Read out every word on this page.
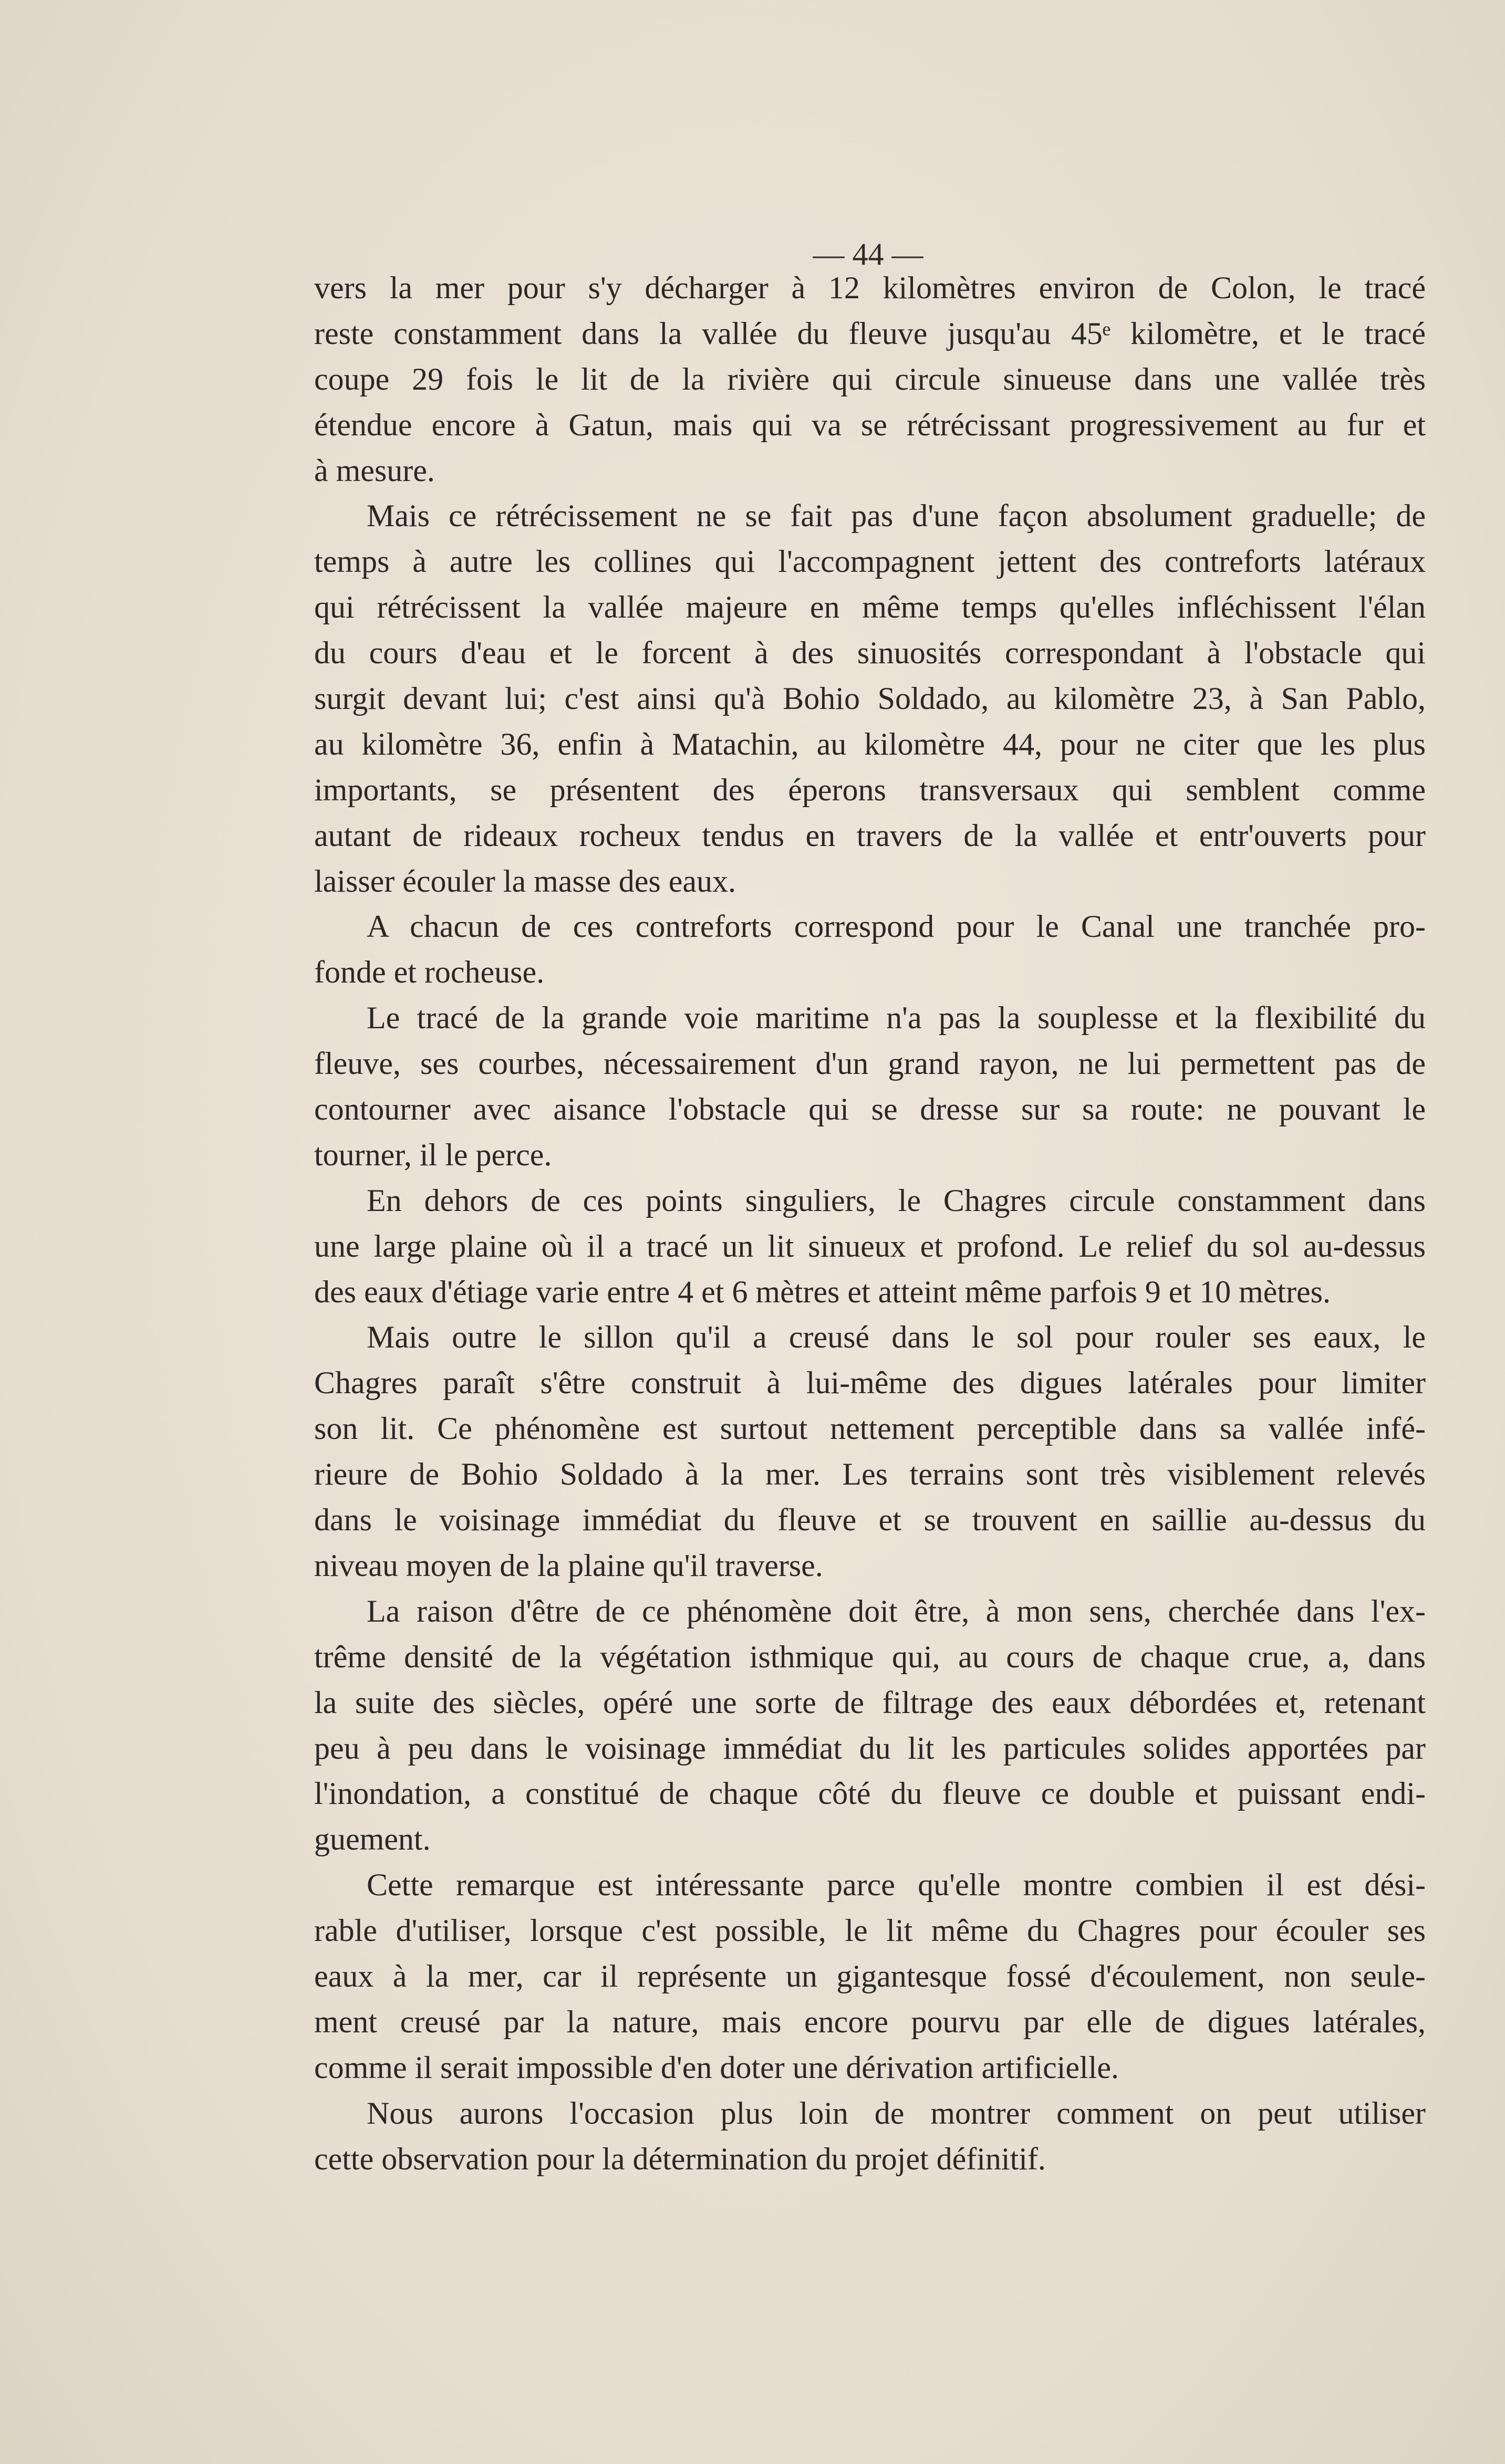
— 44 —
vers la mer pour s'y décharger à 12 kilomètres environ de Colon, le tracé
reste constamment dans la vallée du fleuve jusqu'au 45ᵉ kilomètre, et le tracé
coupe 29 fois le lit de la rivière qui circule sinueuse dans une vallée très
étendue encore à Gatun, mais qui va se rétrécissant progressivement au fur et
à mesure.
Mais ce rétrécissement ne se fait pas d'une façon absolument graduelle; de
temps à autre les collines qui l'accompagnent jettent des contreforts latéraux
qui rétrécissent la vallée majeure en même temps qu'elles infléchissent l'élan
du cours d'eau et le forcent à des sinuosités correspondant à l'obstacle qui
surgit devant lui; c'est ainsi qu'à Bohio Soldado, au kilomètre 23, à San Pablo,
au kilomètre 36, enfin à Matachin, au kilomètre 44, pour ne citer que les plus
importants, se présentent des éperons transversaux qui semblent comme
autant de rideaux rocheux tendus en travers de la vallée et entr'ouverts pour
laisser écouler la masse des eaux.
A chacun de ces contreforts correspond pour le Canal une tranchée pro-
fonde et rocheuse.
Le tracé de la grande voie maritime n'a pas la souplesse et la flexibilité du
fleuve, ses courbes, nécessairement d'un grand rayon, ne lui permettent pas de
contourner avec aisance l'obstacle qui se dresse sur sa route: ne pouvant le
tourner, il le perce.
En dehors de ces points singuliers, le Chagres circule constamment dans
une large plaine où il a tracé un lit sinueux et profond. Le relief du sol au-dessus
des eaux d'étiage varie entre 4 et 6 mètres et atteint même parfois 9 et 10 mètres.
Mais outre le sillon qu'il a creusé dans le sol pour rouler ses eaux, le
Chagres paraît s'être construit à lui-même des digues latérales pour limiter
son lit. Ce phénomène est surtout nettement perceptible dans sa vallée infé-
rieure de Bohio Soldado à la mer. Les terrains sont très visiblement relevés
dans le voisinage immédiat du fleuve et se trouvent en saillie au-dessus du
niveau moyen de la plaine qu'il traverse.
La raison d'être de ce phénomène doit être, à mon sens, cherchée dans l'ex-
trême densité de la végétation isthmique qui, au cours de chaque crue, a, dans
la suite des siècles, opéré une sorte de filtrage des eaux débordées et, retenant
peu à peu dans le voisinage immédiat du lit les particules solides apportées par
l'inondation, a constitué de chaque côté du fleuve ce double et puissant endi-
guement.
Cette remarque est intéressante parce qu'elle montre combien il est dési-
rable d'utiliser, lorsque c'est possible, le lit même du Chagres pour écouler ses
eaux à la mer, car il représente un gigantesque fossé d'écoulement, non seule-
ment creusé par la nature, mais encore pourvu par elle de digues latérales,
comme il serait impossible d'en doter une dérivation artificielle.
Nous aurons l'occasion plus loin de montrer comment on peut utiliser
cette observation pour la détermination du projet définitif.
